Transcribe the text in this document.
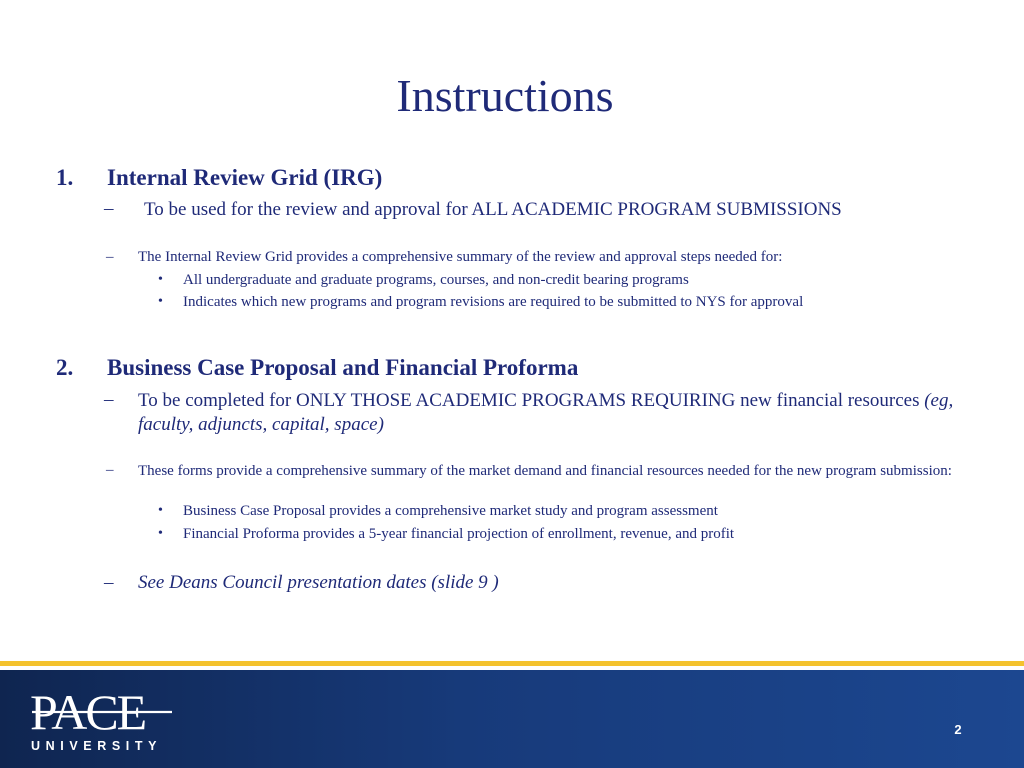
Instructions
1. Internal Review Grid (IRG)
– To be used for the review and approval for ALL ACADEMIC PROGRAM SUBMISSIONS
– The Internal Review Grid provides a comprehensive summary of the review and approval steps needed for:
• All undergraduate and graduate programs, courses, and non-credit bearing programs
• Indicates which new programs and program revisions are required to be submitted to NYS for approval
2. Business Case Proposal and Financial Proforma
– To be completed for ONLY THOSE ACADEMIC PROGRAMS REQUIRING new financial resources (eg, faculty, adjuncts, capital, space)
– These forms provide a comprehensive summary of the market demand and financial resources needed for the new program submission:
• Business Case Proposal provides a comprehensive market study and program assessment
• Financial Proforma provides a 5-year financial projection of enrollment, revenue, and profit
– See Deans Council presentation dates (slide 9 )
PACE
UNIVERSITY
2
